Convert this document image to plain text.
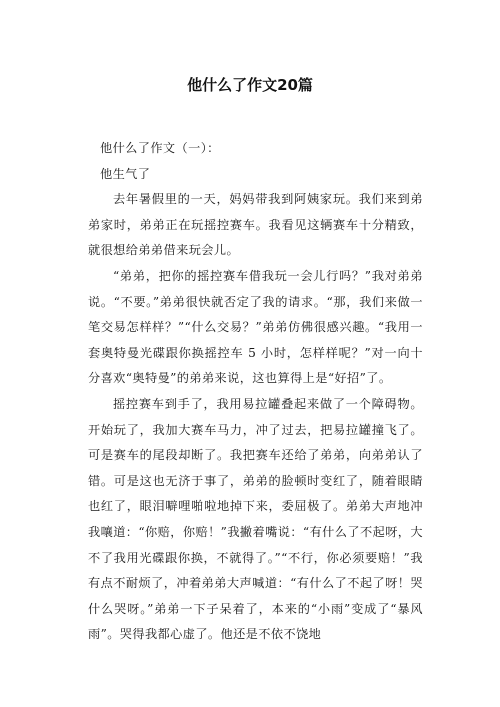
他什么了作文20篇

他什么了作文（一）：

他生气了

去年暑假里的一天，妈妈带我到阿姨家玩。我们来到弟弟家时，弟弟正在玩摇控赛车。我看见这辆赛车十分精致，就很想给弟弟借来玩会儿。

“弟弟，把你的摇控赛车借我玩一会儿行吗？”我对弟弟说。“不要。”弟弟很快就否定了我的请求。“那，我们来做一笔交易怎样样？”“什么交易？”弟弟仿佛很感兴趣。“我用一套奥特曼光碟跟你换摇控车 5 小时，怎样样呢？”对一向十分喜欢“奥特曼”的弟弟来说，这也算得上是“好招”了。

摇控赛车到手了，我用易拉罐叠起来做了一个障碍物。开始玩了，我加大赛车马力，冲了过去，把易拉罐撞飞了。可是赛车的尾段却断了。我把赛车还给了弟弟，向弟弟认了错。可是这也无济于事了，弟弟的脸顿时变红了，随着眼睛也红了，眼泪噼哩啪啦地掉下来，委屈极了。弟弟大声地冲我嚷道：“你赔，你赔！”我撇着嘴说：“有什么了不起呀，大不了我用光碟跟你换，不就得了。”“不行，你必须要赔！”我有点不耐烦了，冲着弟弟大声喊道：“有什么了不起了呀！哭什么哭呀。”弟弟一下子呆着了，本来的“小雨”变成了“暴风雨”。哭得我都心虚了。他还是不依不饶地
